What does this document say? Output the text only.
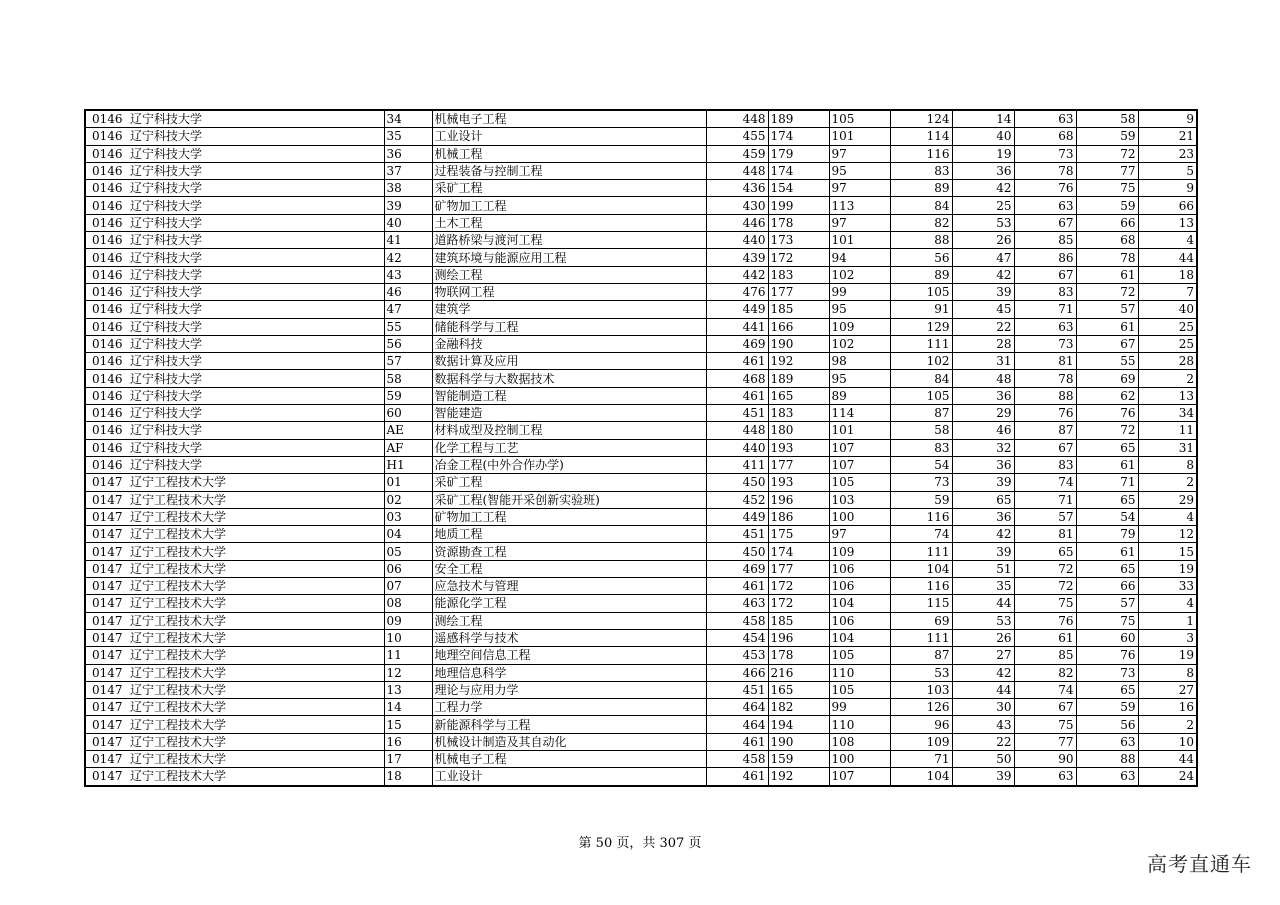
0146	辽宁科技大学	34	机械电子工程	448	189	105	124	14	63	58	9
0146	辽宁科技大学	35	工业设计	455	174	101	114	40	68	59	21
0146	辽宁科技大学	36	机械工程	459	179	97	116	19	73	72	23
0146	辽宁科技大学	37	过程装备与控制工程	448	174	95	83	36	78	77	5
0146	辽宁科技大学	38	采矿工程	436	154	97	89	42	76	75	9
0146	辽宁科技大学	39	矿物加工工程	430	199	113	84	25	63	59	66
0146	辽宁科技大学	40	土木工程	446	178	97	82	53	67	66	13
0146	辽宁科技大学	41	道路桥梁与渡河工程	440	173	101	88	26	85	68	4
0146	辽宁科技大学	42	建筑环境与能源应用工程	439	172	94	56	47	86	78	44
0146	辽宁科技大学	43	测绘工程	442	183	102	89	42	67	61	18
0146	辽宁科技大学	46	物联网工程	476	177	99	105	39	83	72	7
0146	辽宁科技大学	47	建筑学	449	185	95	91	45	71	57	40
0146	辽宁科技大学	55	储能科学与工程	441	166	109	129	22	63	61	25
0146	辽宁科技大学	56	金融科技	469	190	102	111	28	73	67	25
0146	辽宁科技大学	57	数据计算及应用	461	192	98	102	31	81	55	28
0146	辽宁科技大学	58	数据科学与大数据技术	468	189	95	84	48	78	69	2
0146	辽宁科技大学	59	智能制造工程	461	165	89	105	36	88	62	13
0146	辽宁科技大学	60	智能建造	451	183	114	87	29	76	76	34
0146	辽宁科技大学	AE	材料成型及控制工程	448	180	101	58	46	87	72	11
0146	辽宁科技大学	AF	化学工程与工艺	440	193	107	83	32	67	65	31
0146	辽宁科技大学	H1	冶金工程(中外合作办学)	411	177	107	54	36	83	61	8
0147	辽宁工程技术大学	01	采矿工程	450	193	105	73	39	74	71	2
0147	辽宁工程技术大学	02	采矿工程(智能开采创新实验班)	452	196	103	59	65	71	65	29
0147	辽宁工程技术大学	03	矿物加工工程	449	186	100	116	36	57	54	4
0147	辽宁工程技术大学	04	地质工程	451	175	97	74	42	81	79	12
0147	辽宁工程技术大学	05	资源勘查工程	450	174	109	111	39	65	61	15
0147	辽宁工程技术大学	06	安全工程	469	177	106	104	51	72	65	19
0147	辽宁工程技术大学	07	应急技术与管理	461	172	106	116	35	72	66	33
0147	辽宁工程技术大学	08	能源化学工程	463	172	104	115	44	75	57	4
0147	辽宁工程技术大学	09	测绘工程	458	185	106	69	53	76	75	1
0147	辽宁工程技术大学	10	遥感科学与技术	454	196	104	111	26	61	60	3
0147	辽宁工程技术大学	11	地理空间信息工程	453	178	105	87	27	85	76	19
0147	辽宁工程技术大学	12	地理信息科学	466	216	110	53	42	82	73	8
0147	辽宁工程技术大学	13	理论与应用力学	451	165	105	103	44	74	65	27
0147	辽宁工程技术大学	14	工程力学	464	182	99	126	30	67	59	16
0147	辽宁工程技术大学	15	新能源科学与工程	464	194	110	96	43	75	56	2
0147	辽宁工程技术大学	16	机械设计制造及其自动化	461	190	108	109	22	77	63	10
0147	辽宁工程技术大学	17	机械电子工程	458	159	100	71	50	90	88	44
0147	辽宁工程技术大学	18	工业设计	461	192	107	104	39	63	63	24
第 50 页，共 307 页
高考直通车
